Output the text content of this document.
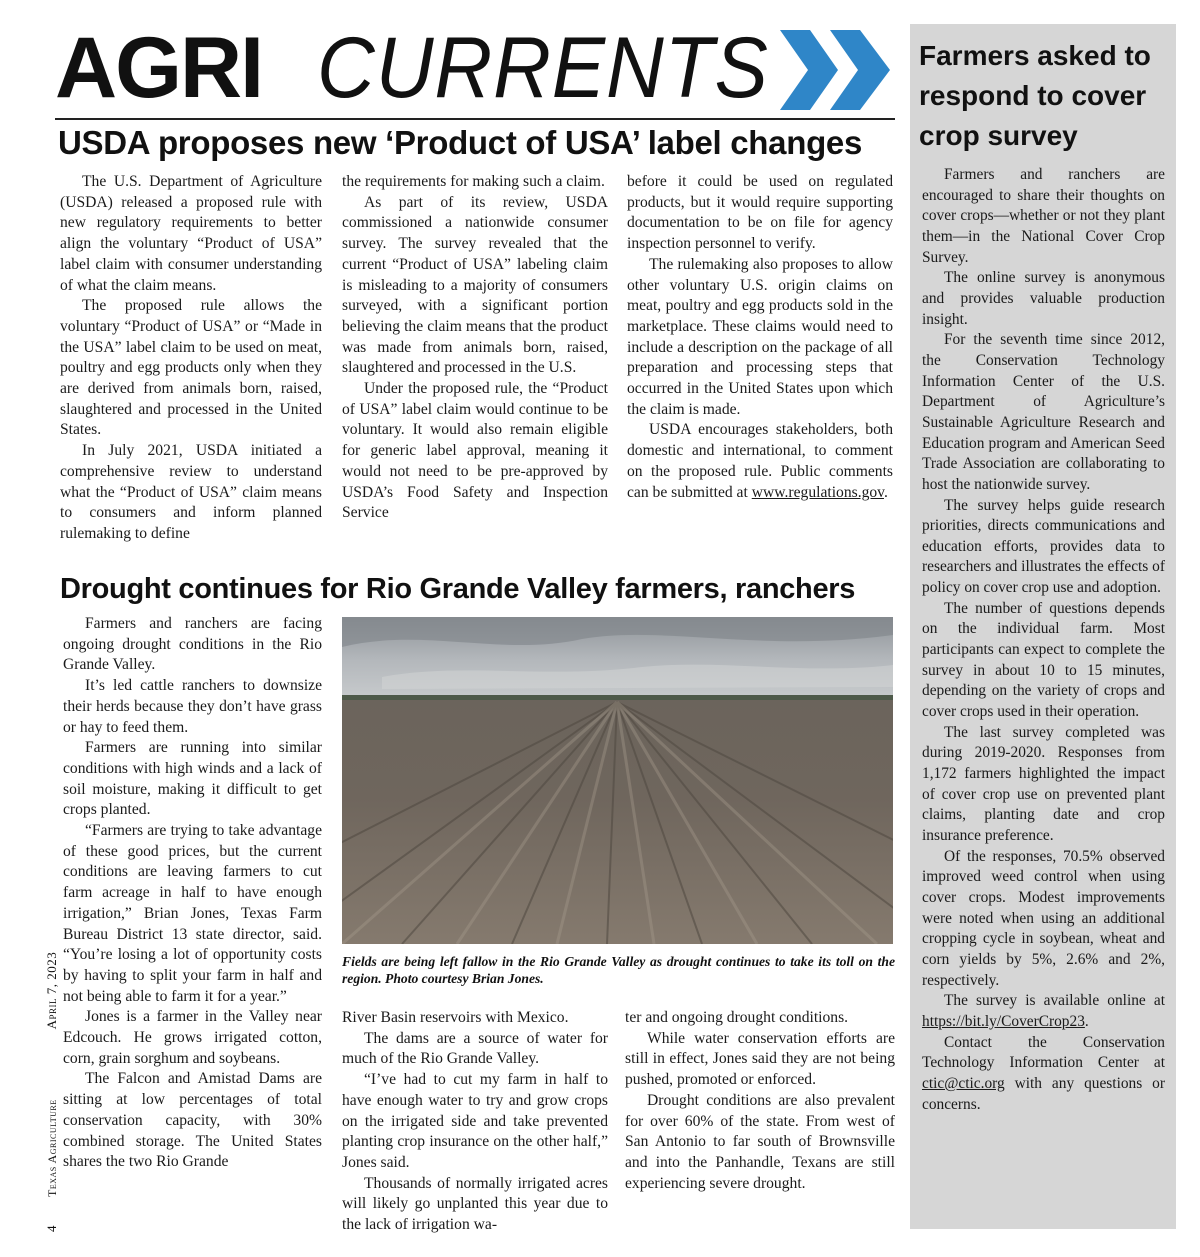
AGRI CURRENTS
USDA proposes new ‘Product of USA’ label changes

The U.S. Department of Agriculture (USDA) released a proposed rule with new regulatory requirements to better align the voluntary “Product of USA” label claim with consumer understanding of what the claim means.

The proposed rule allows the voluntary “Product of USA” or “Made in the USA” label claim to be used on meat, poultry and egg products only when they are derived from animals born, raised, slaughtered and processed in the United States.

In July 2021, USDA initiated a comprehensive review to understand what the “Product of USA” claim means to consumers and inform planned rulemaking to define

the requirements for making such a claim.

As part of its review, USDA commissioned a nationwide consumer survey. The survey revealed that the current “Product of USA” labeling claim is misleading to a majority of consumers surveyed, with a significant portion believing the claim means that the product was made from animals born, raised, slaughtered and processed in the U.S.

Under the proposed rule, the “Product of USA” label claim would continue to be voluntary. It would also remain eligible for generic label approval, meaning it would not need to be pre-approved by USDA’s Food Safety and Inspection Service

before it could be used on regulated products, but it would require supporting documentation to be on file for agency inspection personnel to verify.

The rulemaking also proposes to allow other voluntary U.S. origin claims on meat, poultry and egg products sold in the marketplace. These claims would need to include a description on the package of all preparation and processing steps that occurred in the United States upon which the claim is made.

USDA encourages stakeholders, both domestic and international, to comment on the proposed rule. Public comments can be submitted at www.regulations.gov.

Drought continues for Rio Grande Valley farmers, ranchers

Farmers and ranchers are facing ongoing drought conditions in the Rio Grande Valley.

It’s led cattle ranchers to downsize their herds because they don’t have grass or hay to feed them.

Farmers are running into similar conditions with high winds and a lack of soil moisture, making it difficult to get crops planted.

“Farmers are trying to take advantage of these good prices, but the current conditions are leaving farmers to cut farm acreage in half to have enough irrigation,” Brian Jones, Texas Farm Bureau District 13 state director, said. “You’re losing a lot of opportunity costs by having to split your farm in half and not being able to farm it for a year.”

Jones is a farmer in the Valley near Edcouch. He grows irrigated cotton, corn, grain sorghum and soybeans.

The Falcon and Amistad Dams are sitting at low percentages of total conservation capacity, with 30% combined storage. The United States shares the two Rio Grande

Fields are being left fallow in the Rio Grande Valley as drought continues to take its toll on the region. Photo courtesy Brian Jones.

River Basin reservoirs with Mexico.

The dams are a source of water for much of the Rio Grande Valley.

“I’ve had to cut my farm in half to have enough water to try and grow crops on the irrigated side and take prevented planting crop insurance on the other half,” Jones said.

Thousands of normally irrigated acres will likely go unplanted this year due to the lack of irrigation wa-

ter and ongoing drought conditions.

While water conservation efforts are still in effect, Jones said they are not being pushed, promoted or enforced.

Drought conditions are also prevalent for over 60% of the state. From west of San Antonio to far south of Brownsville and into the Panhandle, Texans are still experiencing severe drought.

Farmers asked to respond to cover crop survey

Farmers and ranchers are encouraged to share their thoughts on cover crops—whether or not they plant them—in the National Cover Crop Survey.

The online survey is anonymous and provides valuable production insight.

For the seventh time since 2012, the Conservation Technology Information Center of the U.S. Department of Agriculture’s Sustainable Agriculture Research and Education program and American Seed Trade Association are collaborating to host the nationwide survey.

The survey helps guide research priorities, directs communications and education efforts, provides data to researchers and illustrates the effects of policy on cover crop use and adoption.

The number of questions depends on the individual farm. Most participants can expect to complete the survey in about 10 to 15 minutes, depending on the variety of crops and cover crops used in their operation.

The last survey completed was during 2019-2020. Responses from 1,172 farmers highlighted the impact of cover crop use on prevented plant claims, planting date and crop insurance preference.

Of the responses, 70.5% observed improved weed control when using cover crops. Modest improvements were noted when using an additional cropping cycle in soybean, wheat and corn yields by 5%, 2.6% and 2%, respectively.

The survey is available online at https://bit.ly/CoverCrop23.

Contact the Conservation Technology Information Center at ctic@ctic.org with any questions or concerns.

4Texas AgricultureApril 7, 2023
